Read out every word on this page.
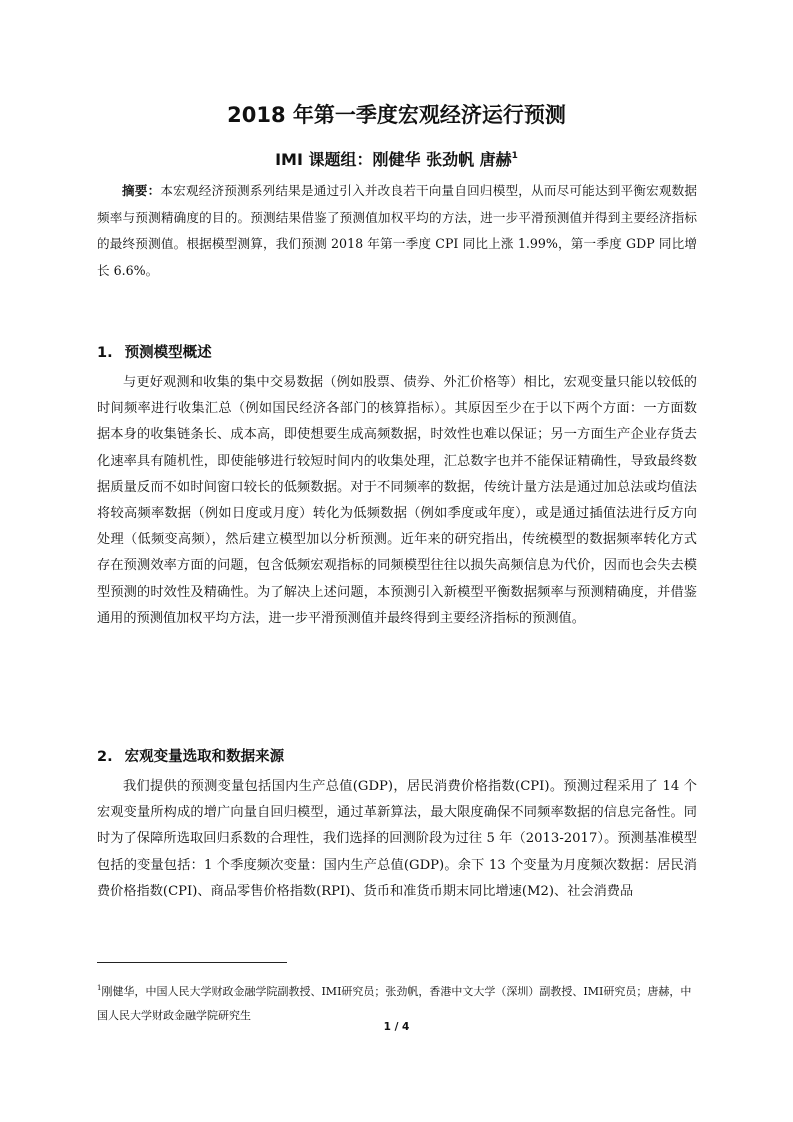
2018 年第一季度宏观经济运行预测
IMI 课题组：刚健华 张劲帆 唐赫$^1$

摘要：本宏观经济预测系列结果是通过引入并改良若干向量自回归模型，从而尽可能达到平衡宏观数据频率与预测精确度的目的。预测结果借鉴了预测值加权平均的方法，进一步平滑预测值并得到主要经济指标的最终预测值。根据模型测算，我们预测 2018 年第一季度 CPI 同比上涨 1.99%，第一季度 GDP 同比增长 6.6%。

1. 预测模型概述

与更好观测和收集的集中交易数据（例如股票、债券、外汇价格等）相比，宏观变量只能以较低的时间频率进行收集汇总（例如国民经济各部门的核算指标）。其原因至少在于以下两个方面：一方面数据本身的收集链条长、成本高，即使想要生成高频数据，时效性也难以保证；另一方面生产企业存货去化速率具有随机性，即使能够进行较短时间内的收集处理，汇总数字也并不能保证精确性，导致最终数据质量反而不如时间窗口较长的低频数据。对于不同频率的数据，传统计量方法是通过加总法或均值法将较高频率数据（例如日度或月度）转化为低频数据（例如季度或年度），或是通过插值法进行反方向处理（低频变高频），然后建立模型加以分析预测。近年来的研究指出，传统模型的数据频率转化方式存在预测效率方面的问题，包含低频宏观指标的同频模型往往以损失高频信息为代价，因而也会失去模型预测的时效性及精确性。为了解决上述问题，本预测引入新模型平衡数据频率与预测精确度，并借鉴通用的预测值加权平均方法，进一步平滑预测值并最终得到主要经济指标的预测值。

2. 宏观变量选取和数据来源

我们提供的预测变量包括国内生产总值(GDP)，居民消费价格指数(CPI)。预测过程采用了 14 个宏观变量所构成的增广向量自回归模型，通过革新算法，最大限度确保不同频率数据的信息完备性。同时为了保障所选取回归系数的合理性，我们选择的回测阶段为过往 5 年（2013-2017）。预测基准模型包括的变量包括：1 个季度频次变量：国内生产总值(GDP)。余下 13 个变量为月度频次数据：居民消费价格指数(CPI)、商品零售价格指数(RPI)、货币和准货币期末同比增速(M2)、社会消费品

$^1$刚健华，中国人民大学财政金融学院副教授、IMI研究员；张劲帆，香港中文大学（深圳）副教授、IMI研究员；唐赫，中国人民大学财政金融学院研究生

1 / 4
